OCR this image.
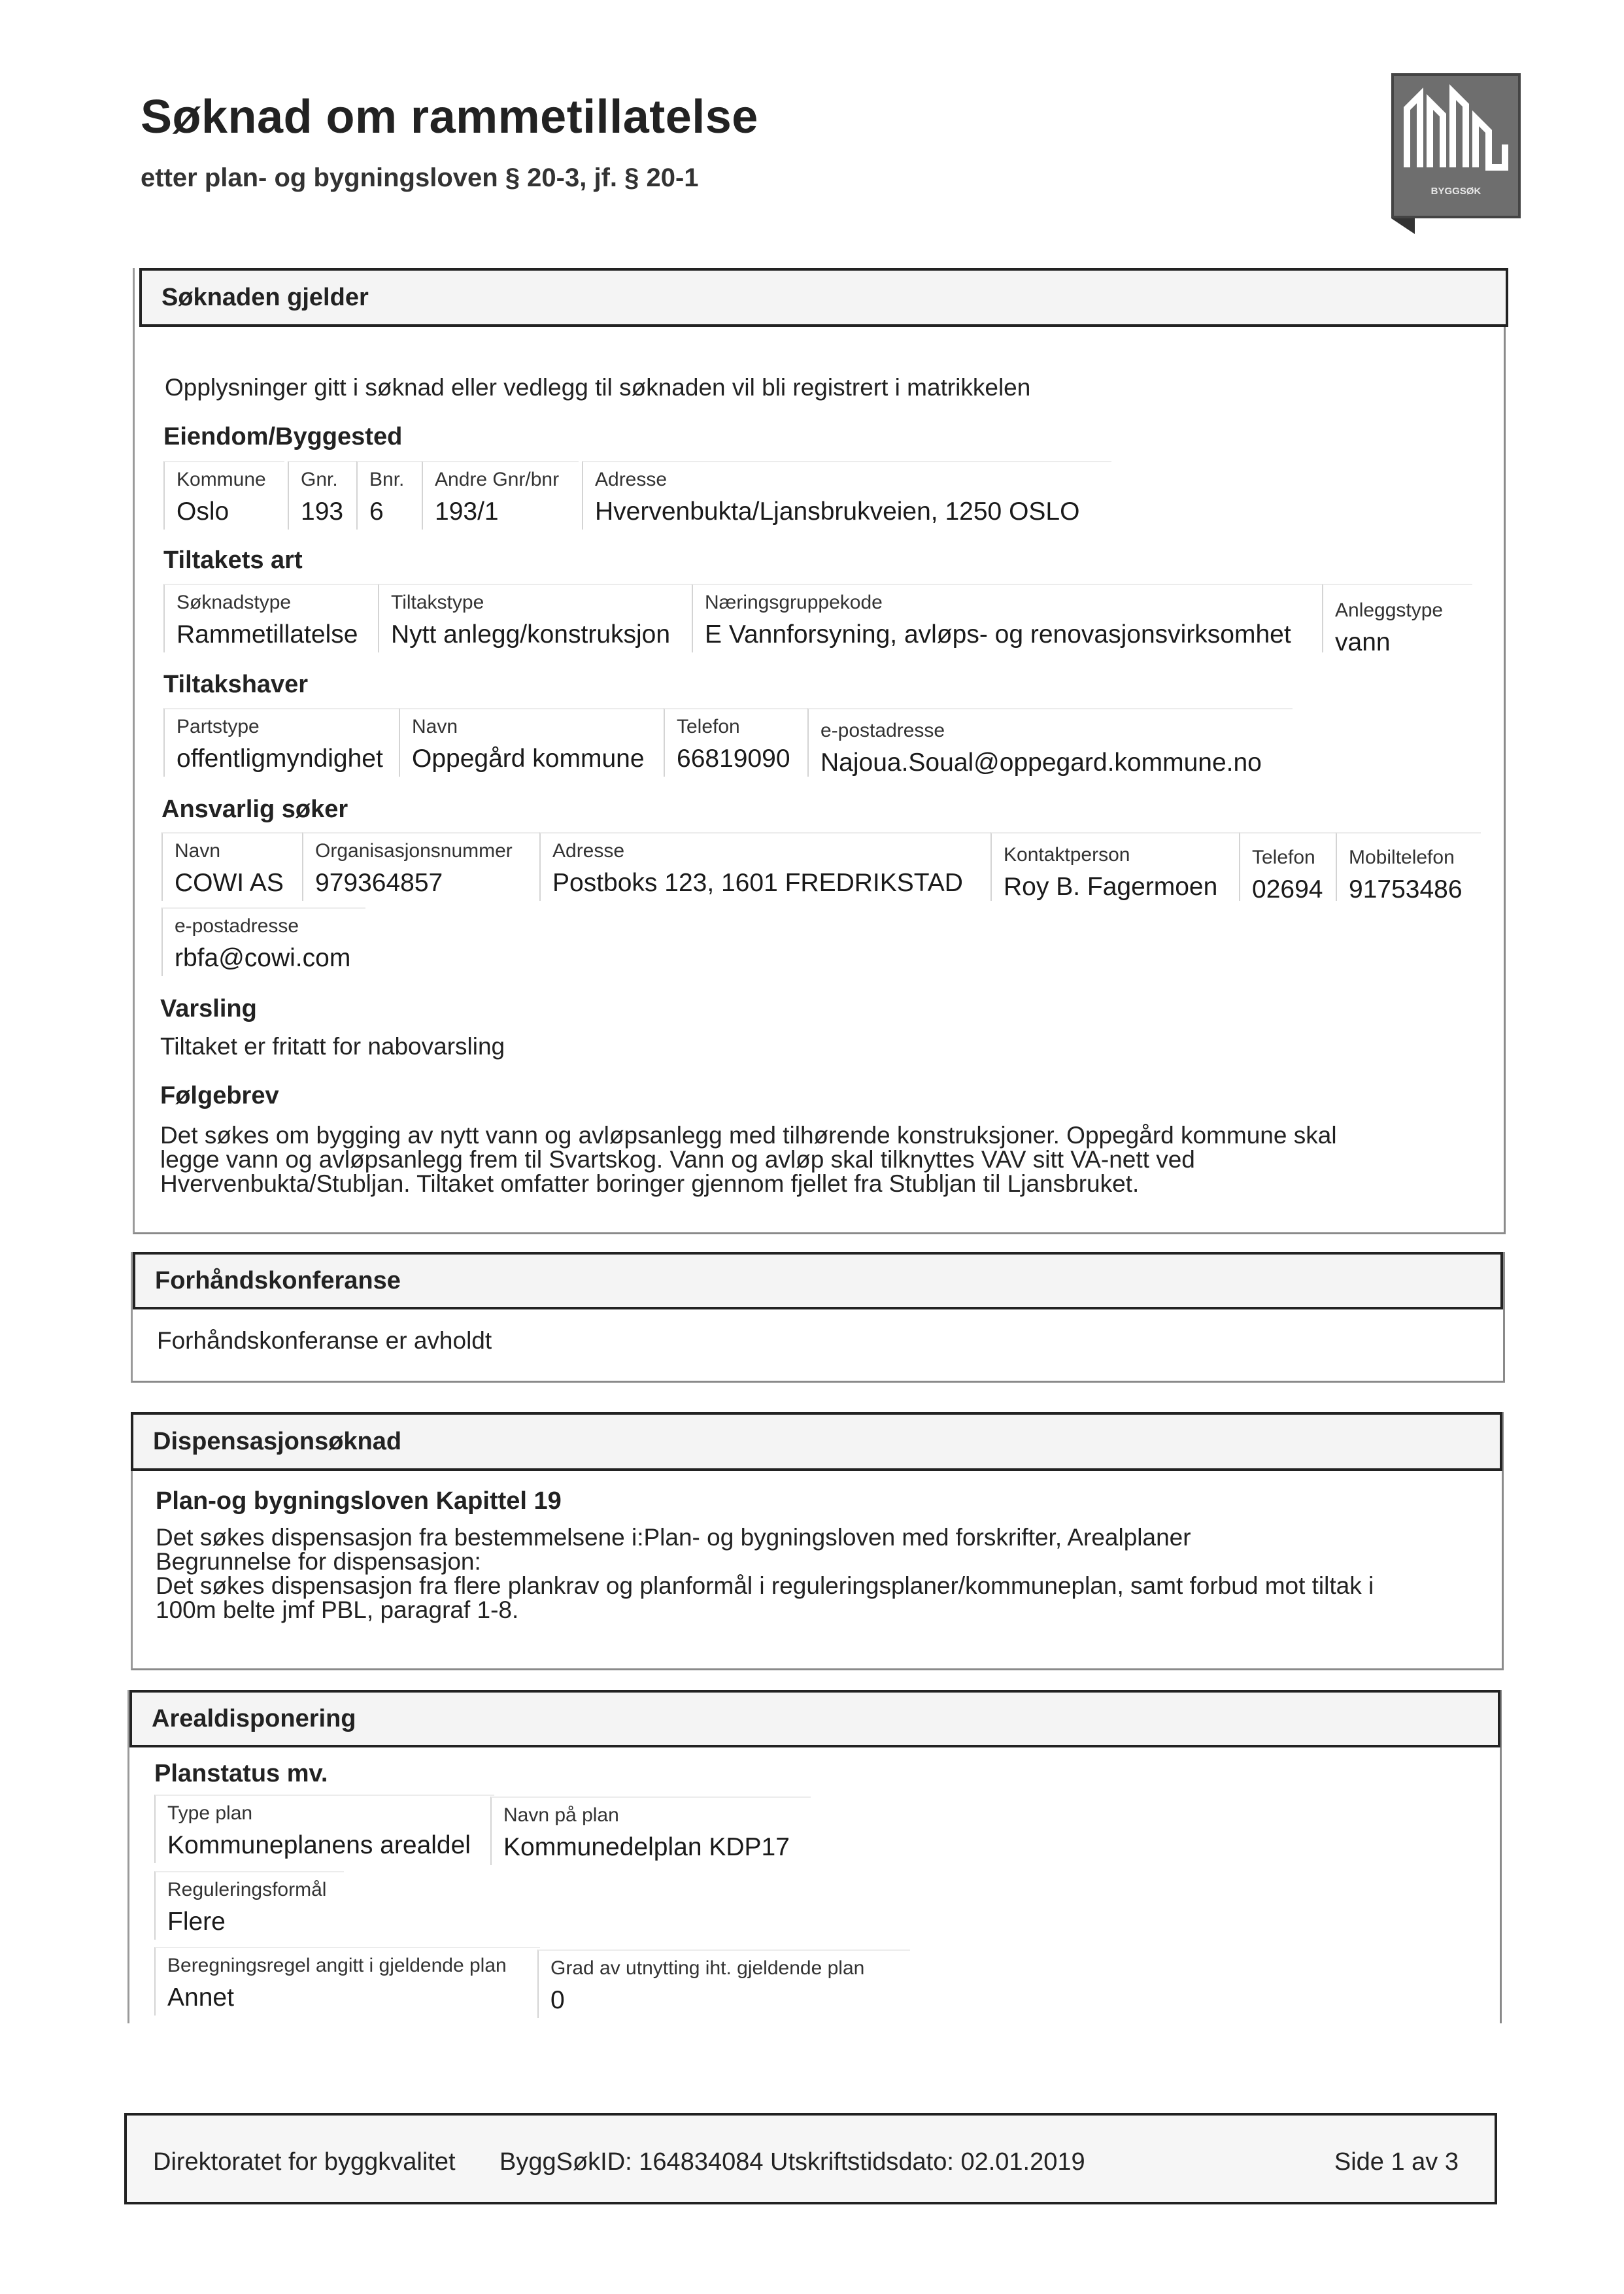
Søknad om rammetillatelse
etter plan- og bygningsloven § 20-3, jf. § 20-1	BYGGSØK
Søknaden gjelder
Opplysninger gitt i søknad eller vedlegg til søknaden vil bli registrert i matrikkelen
Eiendom/Byggested
Kommune
Oslo
Gnr.
193
Bnr.
6
Andre Gnr/bnr
193/1
Adresse
Hvervenbukta/Ljansbrukveien, 1250 OSLO
Tiltakets art
Søknadstype
Rammetillatelse
Tiltakstype
Nytt anlegg/konstruksjon
Næringsgruppekode
E Vannforsyning, avløps- og renovasjonsvirksomhet
Anleggstype
vann
Tiltakshaver
Partstype
offentligmyndighet
Navn
Oppegård kommune
Telefon
66819090
e-postadresse
Najoua.Soual@oppegard.kommune.no
Ansvarlig søker
Navn
COWI AS
Organisasjonsnummer
979364857
Adresse
Postboks 123, 1601 FREDRIKSTAD
Kontaktperson
Roy B. Fagermoen
Telefon
02694
Mobiltelefon
91753486
e-postadresse
rbfa@cowi.com
Varsling
Tiltaket er fritatt for nabovarsling
Følgebrev
Det søkes om bygging av nytt vann og avløpsanlegg med tilhørende konstruksjoner. Oppegård kommune skal
legge vann og avløpsanlegg frem til Svartskog. Vann og avløp skal tilknyttes VAV sitt VA-nett ved
Hvervenbukta/Stubljan. Tiltaket omfatter boringer gjennom fjellet fra Stubljan til Ljansbruket.
Forhåndskonferanse
Forhåndskonferanse er avholdt
Dispensasjonsøknad
Plan-og bygningsloven Kapittel 19
Det søkes dispensasjon fra bestemmelsene i:Plan- og bygningsloven med forskrifter, Arealplaner
Begrunnelse for dispensasjon:
Det søkes dispensasjon fra flere plankrav og planformål i reguleringsplaner/kommuneplan, samt forbud mot tiltak i
100m belte jmf PBL, paragraf 1-8.
Arealdisponering
Planstatus mv.
Type plan
Kommuneplanens arealdel
Navn på plan
Kommunedelplan KDP17
Reguleringsformål
Flere
Beregningsregel angitt i gjeldende plan
Annet
Grad av utnytting iht. gjeldende plan
0
Direktoratet for byggkvalitet ByggSøkID: 164834084 Utskriftstidsdato: 02.01.2019	Side 1 av 3
